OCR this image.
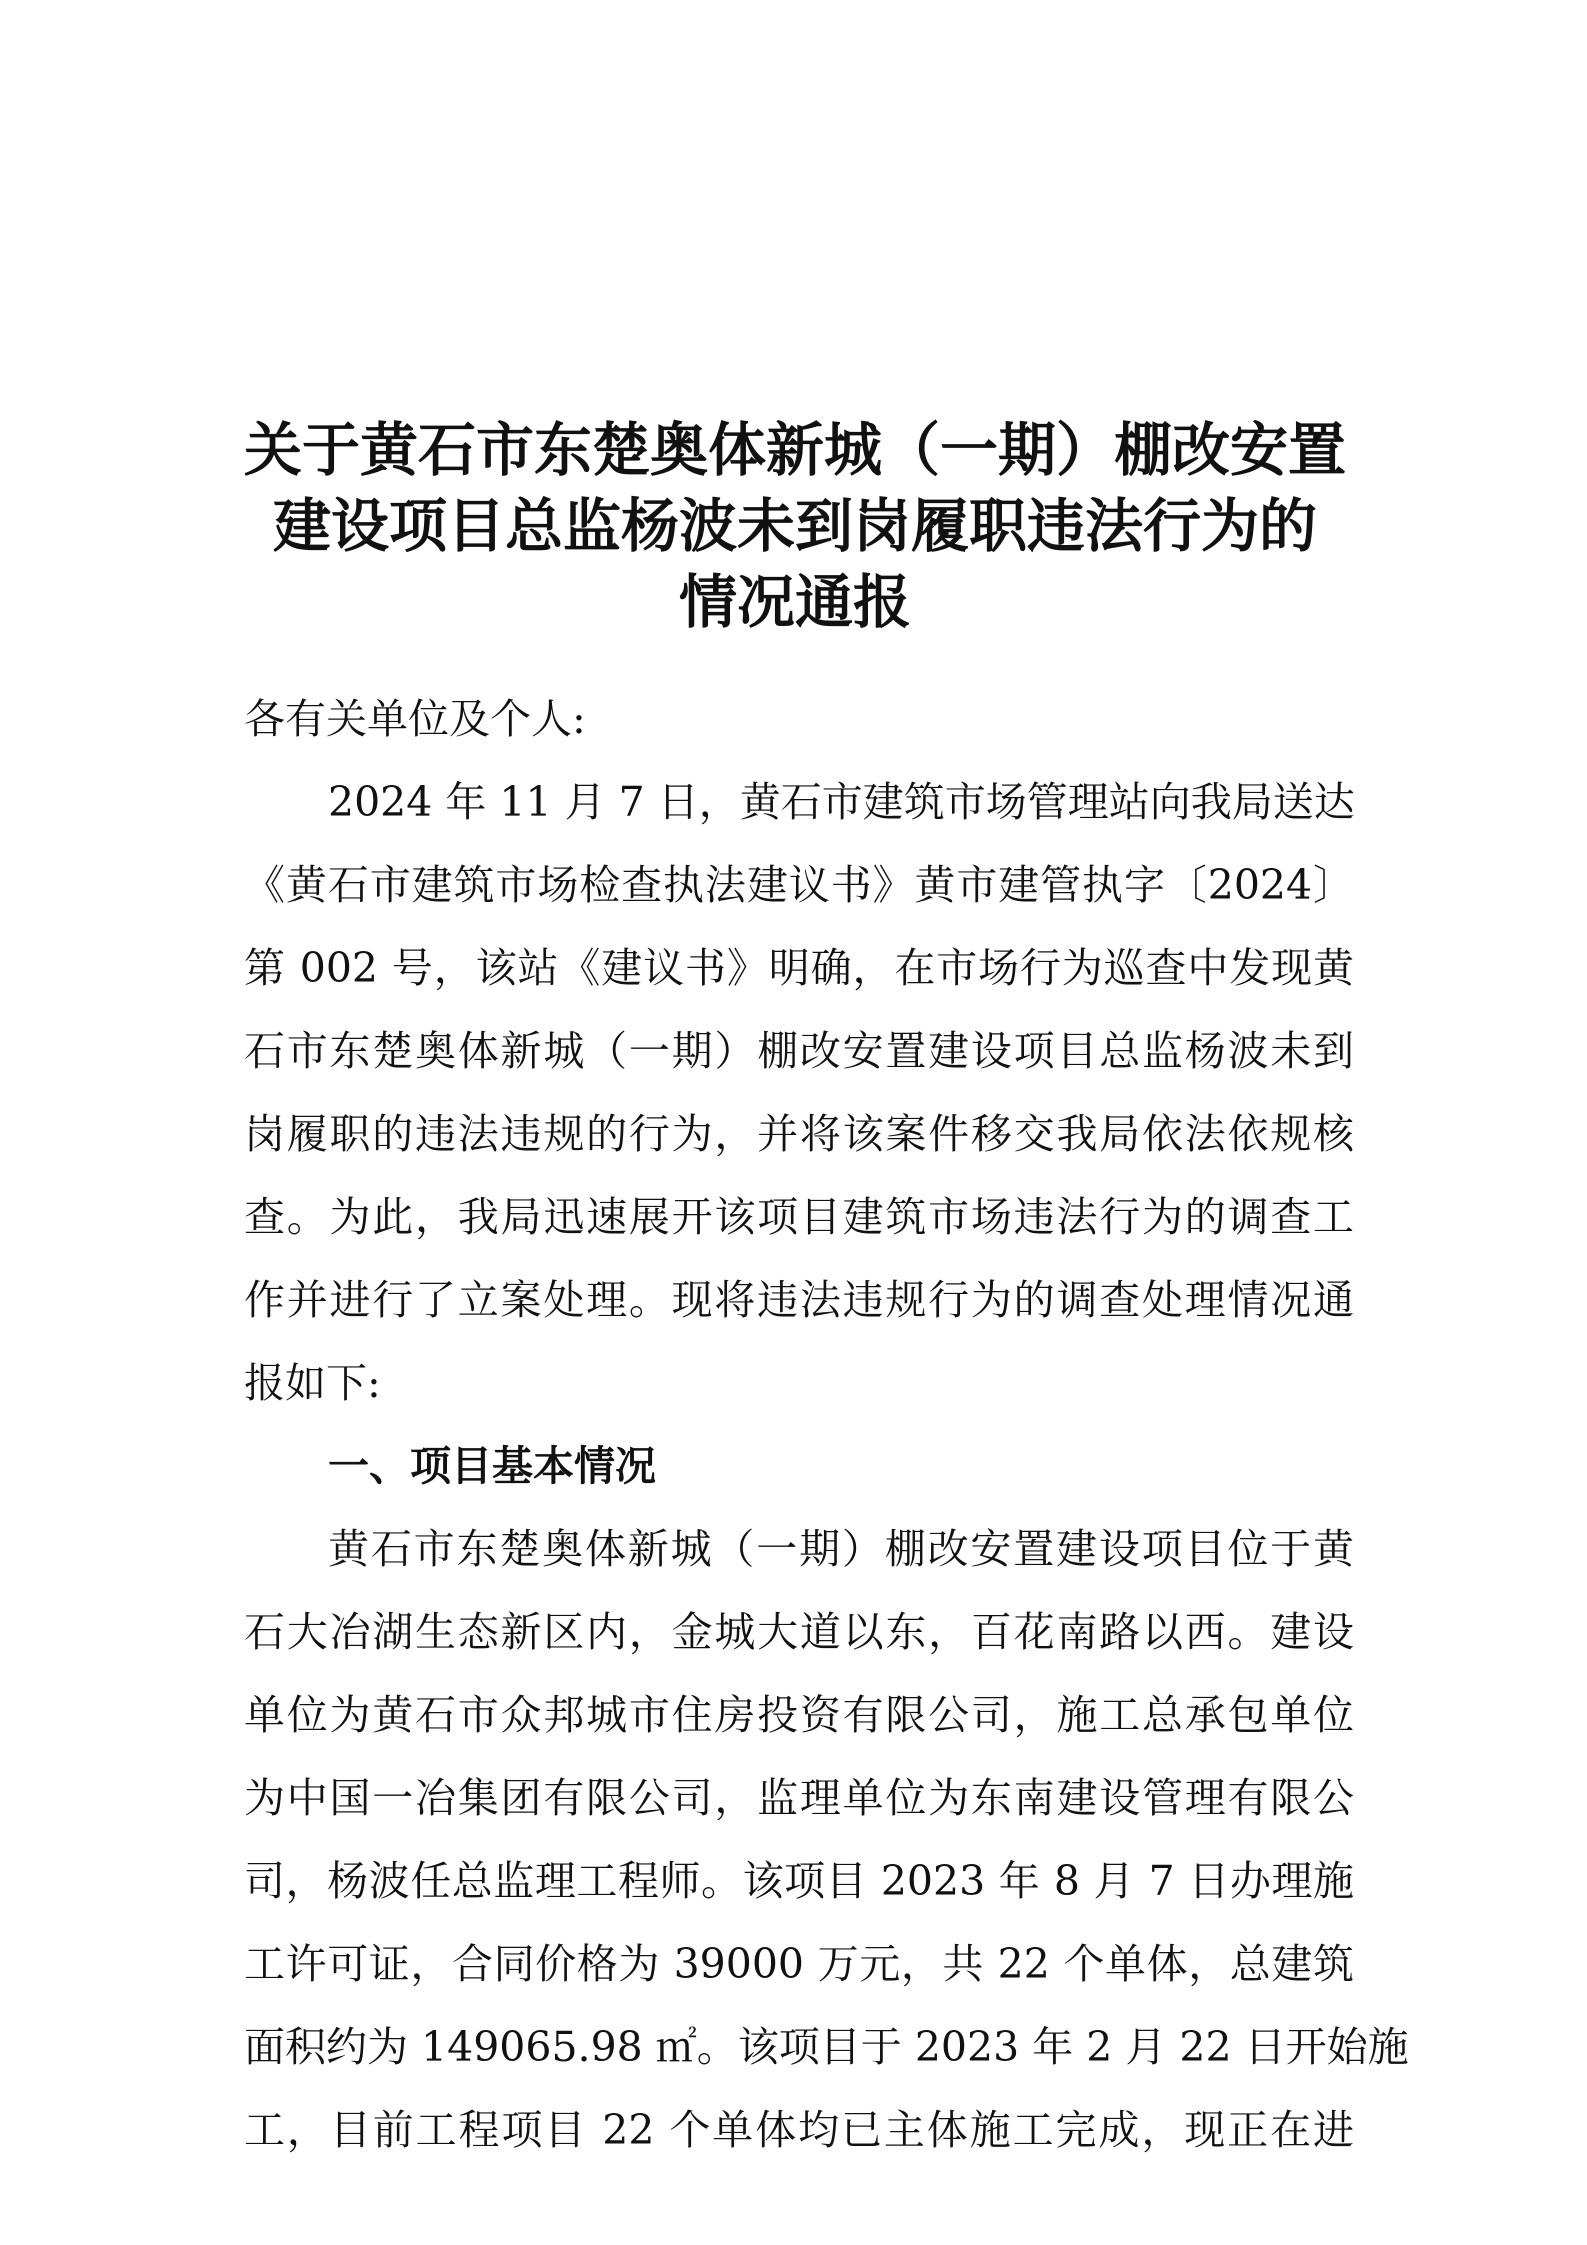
关于黄石市东楚奥体新城（一期）棚改安置
建设项目总监杨波未到岗履职违法行为的
情况通报
各有关单位及个人:
2024 年 11 月 7 日，黄石市建筑市场管理站向我局送达
《黄石市建筑市场检查执法建议书》黄市建管执字〔2024〕
第 002 号，该站《建议书》明确，在市场行为巡查中发现黄
石市东楚奥体新城（一期）棚改安置建设项目总监杨波未到
岗履职的违法违规的行为，并将该案件移交我局依法依规核
查。为此，我局迅速展开该项目建筑市场违法行为的调查工
作并进行了立案处理。现将违法违规行为的调查处理情况通
报如下:
一、项目基本情况
黄石市东楚奥体新城（一期）棚改安置建设项目位于黄
石大冶湖生态新区内，金城大道以东，百花南路以西。建设
单位为黄石市众邦城市住房投资有限公司，施工总承包单位
为中国一冶集团有限公司，监理单位为东南建设管理有限公
司，杨波任总监理工程师。该项目 2023 年 8 月 7 日办理施
工许可证，合同价格为 39000 万元，共 22 个单体，总建筑
面积约为 149065.98 ㎡。该项目于 2023 年 2 月 22 日开始施
工，目前工程项目 22 个单体均已主体施工完成，现正在进
